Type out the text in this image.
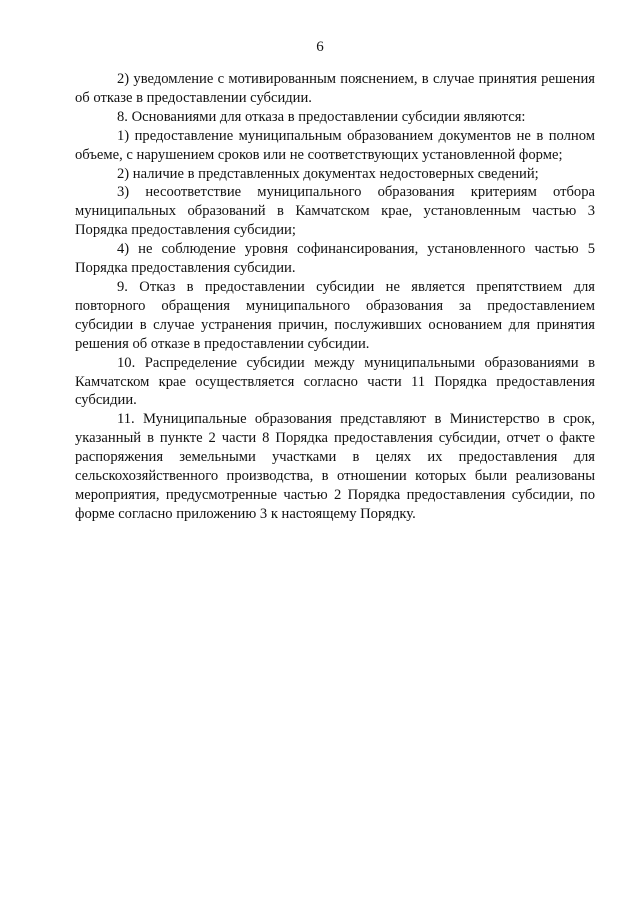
6

2) уведомление с мотивированным пояснением, в случае принятия решения об отказе в предоставлении субсидии.

8. Основаниями для отказа в предоставлении субсидии являются:

1) предоставление муниципальным образованием документов не в полном объеме, с нарушением сроков или не соответствующих установленной форме;

2) наличие в представленных документах недостоверных сведений;

3) несоответствие муниципального образования критериям отбора муниципальных образований в Камчатском крае, установленным частью 3 Порядка предоставления субсидии;

4) не соблюдение уровня софинансирования, установленного частью 5 Порядка предоставления субсидии.

9. Отказ в предоставлении субсидии не является препятствием для повторного обращения муниципального образования за предоставлением субсидии в случае устранения причин, послуживших основанием для принятия решения об отказе в предоставлении субсидии.

10. Распределение субсидии между муниципальными образованиями в Камчатском крае осуществляется согласно части 11 Порядка предоставления субсидии.

11. Муниципальные образования представляют в Министерство в срок, указанный в пункте 2 части 8 Порядка предоставления субсидии, отчет о факте распоряжения земельными участками в целях их предоставления для сельскохозяйственного производства, в отношении которых были реализованы мероприятия, предусмотренные частью 2 Порядка предоставления субсидии, по форме согласно приложению 3 к настоящему Порядку.
